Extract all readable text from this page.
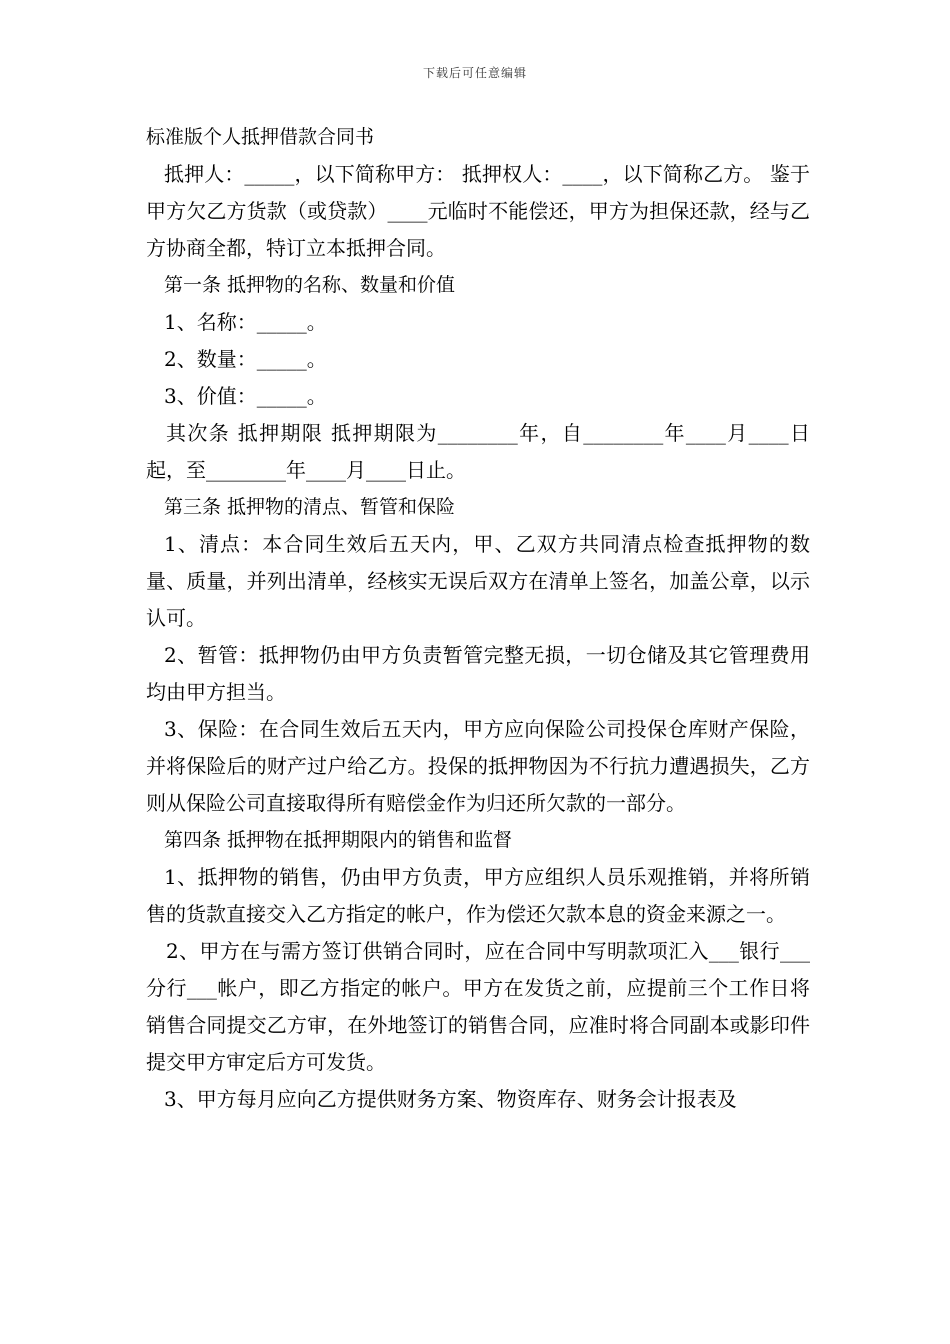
下载后可任意编辑

标准版个人抵押借款合同书

抵押人：_____，以下简称甲方： 抵押权人：____，以下简称乙方。 鉴于甲方欠乙方货款（或贷款）____元临时不能偿还，甲方为担保还款，经与乙方协商全都，特订立本抵押合同。

第一条 抵押物的名称、数量和价值

1、名称：_____。

2、数量：_____。

3、价值：_____。

其次条 抵押期限 抵押期限为________年，自________年____月____日起，至________年____月____日止。

第三条 抵押物的清点、暂管和保险

1、清点：本合同生效后五天内，甲、乙双方共同清点检查抵押物的数量、质量，并列出清单，经核实无误后双方在清单上签名，加盖公章，以示认可。

2、暂管：抵押物仍由甲方负责暂管完整无损，一切仓储及其它管理费用均由甲方担当。

3、保险：在合同生效后五天内，甲方应向保险公司投保仓库财产保险，并将保险后的财产过户给乙方。投保的抵押物因为不行抗力遭遇损失，乙方则从保险公司直接取得所有赔偿金作为归还所欠款的一部分。

第四条 抵押物在抵押期限内的销售和监督

1、抵押物的销售，仍由甲方负责，甲方应组织人员乐观推销，并将所销售的货款直接交入乙方指定的帐户，作为偿还欠款本息的资金来源之一。

2、甲方在与需方签订供销合同时，应在合同中写明款项汇入___银行___分行___帐户，即乙方指定的帐户。甲方在发货之前，应提前三个工作日将销售合同提交乙方审，在外地签订的销售合同，应准时将合同副本或影印件提交甲方审定后方可发货。

3、甲方每月应向乙方提供财务方案、物资库存、财务会计报表及
